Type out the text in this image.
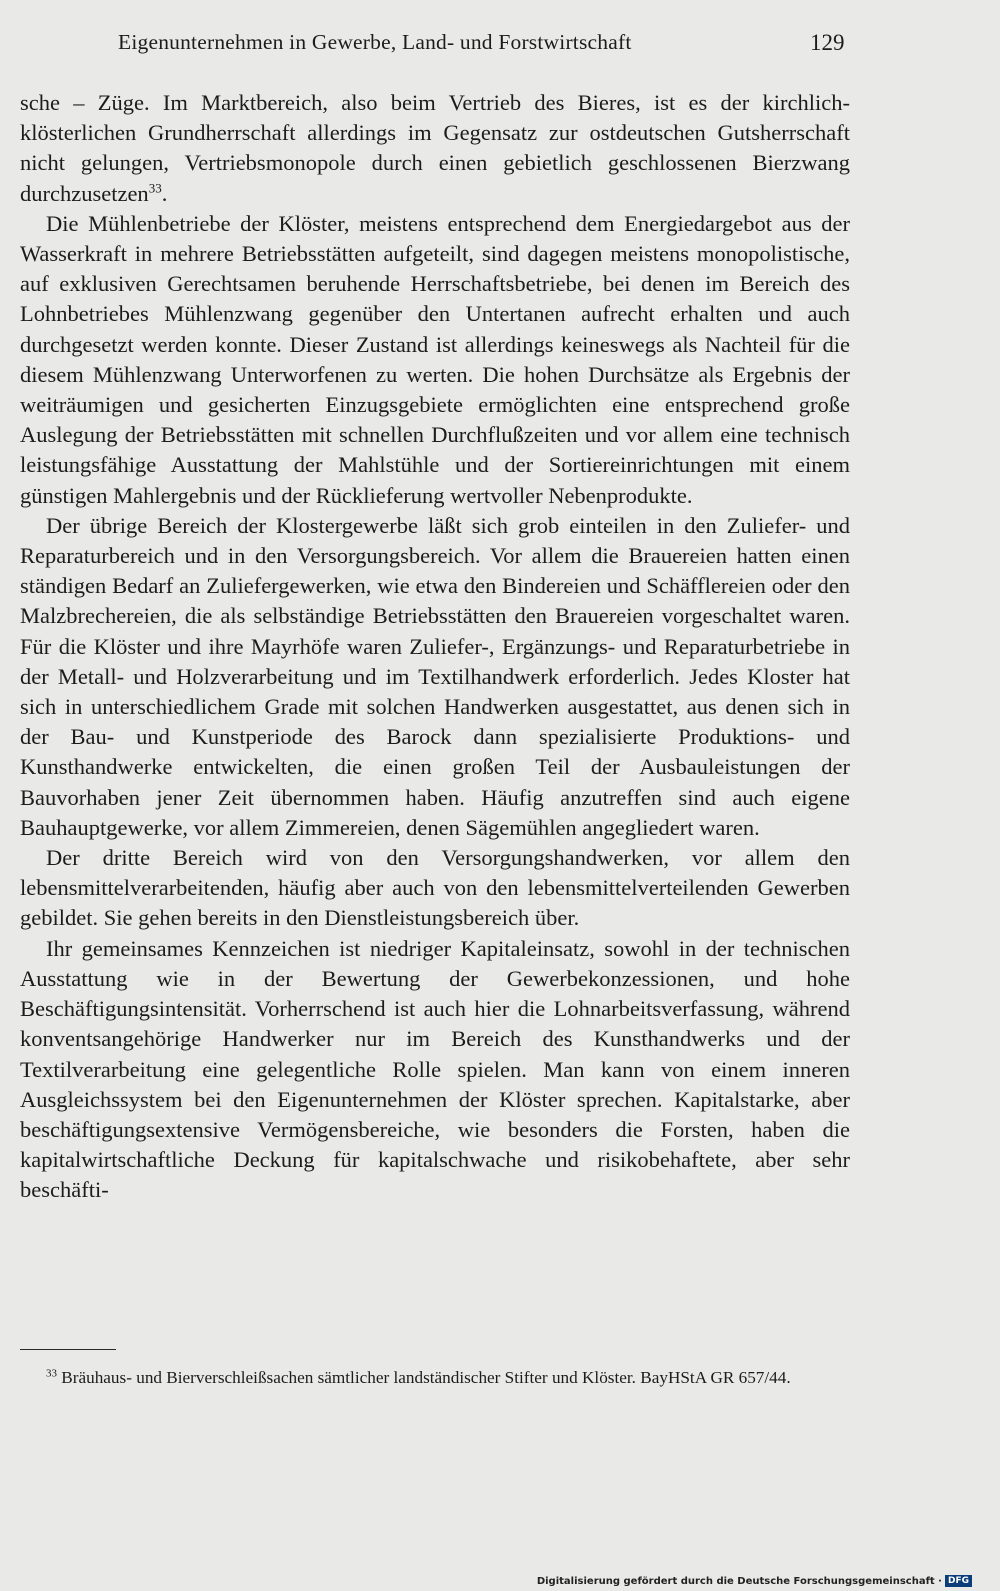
Eigenunternehmen in Gewerbe, Land- und Forstwirtschaft	129

sche – Züge. Im Marktbereich, also beim Vertrieb des Bieres, ist es der kirchlich-klösterlichen Grundherrschaft allerdings im Gegensatz zur ostdeutschen Gutsherrschaft nicht gelungen, Vertriebsmonopole durch einen gebietlich geschlossenen Bierzwang durchzusetzen$^{33}$.

Die Mühlenbetriebe der Klöster, meistens entsprechend dem Energiedargebot aus der Wasserkraft in mehrere Betriebsstätten aufgeteilt, sind dagegen meistens monopolistische, auf exklusiven Gerechtsamen beruhende Herrschaftsbetriebe, bei denen im Bereich des Lohnbetriebes Mühlenzwang gegenüber den Untertanen aufrecht erhalten und auch durchgesetzt werden konnte. Dieser Zustand ist allerdings keineswegs als Nachteil für die diesem Mühlenzwang Unterworfenen zu werten. Die hohen Durchsätze als Ergebnis der weiträumigen und gesicherten Einzugsgebiete ermöglichten eine entsprechend große Auslegung der Betriebsstätten mit schnellen Durchflußzeiten und vor allem eine technisch leistungsfähige Ausstattung der Mahlstühle und der Sortiereinrichtungen mit einem günstigen Mahlergebnis und der Rücklieferung wertvoller Nebenprodukte.

Der übrige Bereich der Klostergewerbe läßt sich grob einteilen in den Zuliefer- und Reparaturbereich und in den Versorgungsbereich. Vor allem die Brauereien hatten einen ständigen Bedarf an Zuliefergewerken, wie etwa den Bindereien und Schäfflereien oder den Malzbrechereien, die als selbständige Betriebsstätten den Brauereien vorgeschaltet waren. Für die Klöster und ihre Mayrhöfe waren Zuliefer-, Ergänzungs- und Reparaturbetriebe in der Metall- und Holzverarbeitung und im Textilhandwerk erforderlich. Jedes Kloster hat sich in unterschiedlichem Grade mit solchen Handwerken ausgestattet, aus denen sich in der Bau- und Kunstperiode des Barock dann spezialisierte Produktions- und Kunsthandwerke entwickelten, die einen großen Teil der Ausbauleistungen der Bauvorhaben jener Zeit übernommen haben. Häufig anzutreffen sind auch eigene Bauhauptgewerke, vor allem Zimmereien, denen Sägemühlen angegliedert waren.

Der dritte Bereich wird von den Versorgungshandwerken, vor allem den lebensmittelverarbeitenden, häufig aber auch von den lebensmittelverteilenden Gewerben gebildet. Sie gehen bereits in den Dienstleistungsbereich über.

Ihr gemeinsames Kennzeichen ist niedriger Kapitaleinsatz, sowohl in der technischen Ausstattung wie in der Bewertung der Gewerbekonzessionen, und hohe Beschäftigungsintensität. Vorherrschend ist auch hier die Lohnarbeitsverfassung, während konventsangehörige Handwerker nur im Bereich des Kunsthandwerks und der Textilverarbeitung eine gelegentliche Rolle spielen. Man kann von einem inneren Ausgleichssystem bei den Eigenunternehmen der Klöster sprechen. Kapitalstarke, aber beschäftigungsextensive Vermögensbereiche, wie besonders die Forsten, haben die kapitalwirtschaftliche Deckung für kapitalschwache und risikobehaftete, aber sehr beschäfti-

$^{33}$ Bräuhaus- und Bierverschleißsachen sämtlicher landständischer Stifter und Klöster. BayHStA GR 657/44.

Digitalisierung gefördert durch die Deutsche Forschungsgemeinschaft · DFG
